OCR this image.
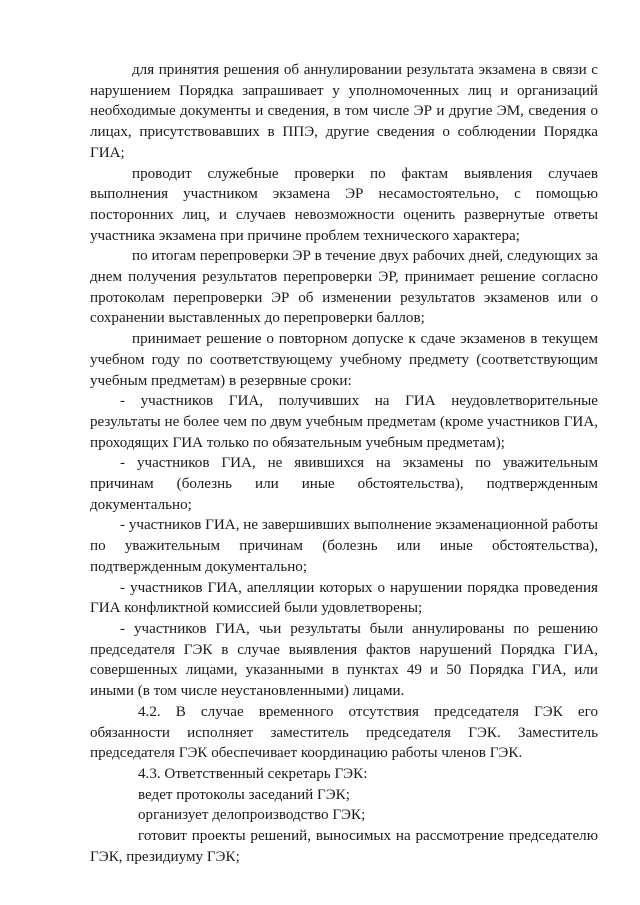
для принятия решения об аннулировании результата экзамена в связи с нарушением Порядка запрашивает у уполномоченных лиц и организаций необходимые документы и сведения, в том числе ЭР и другие ЭМ, сведения о лицах, присутствовавших в ППЭ, другие сведения о соблюдении Порядка ГИА;

проводит служебные проверки по фактам выявления случаев выполнения участником экзамена ЭР несамостоятельно, с помощью посторонних лиц, и случаев невозможности оценить развернутые ответы участника экзамена при причине проблем технического характера;

по итогам перепроверки ЭР в течение двух рабочих дней, следующих за днем получения результатов перепроверки ЭР, принимает решение согласно протоколам перепроверки ЭР об изменении результатов экзаменов или о сохранении выставленных до перепроверки баллов;

принимает решение о повторном допуске к сдаче экзаменов в текущем учебном году по соответствующему учебному предмету (соответствующим учебным предметам) в резервные сроки:

- участников ГИА, получивших на ГИА неудовлетворительные результаты не более чем по двум учебным предметам (кроме участников ГИА, проходящих ГИА только по обязательным учебным предметам);

- участников ГИА, не явившихся на экзамены по уважительным причинам (болезнь или иные обстоятельства), подтвержденным документально;

- участников ГИА, не завершивших выполнение экзаменационной работы по уважительным причинам (болезнь или иные обстоятельства), подтвержденным документально;

- участников ГИА, апелляции которых о нарушении порядка проведения ГИА конфликтной комиссией были удовлетворены;

- участников ГИА, чьи результаты были аннулированы по решению председателя ГЭК в случае выявления фактов нарушений Порядка ГИА, совершенных лицами, указанными в пунктах 49 и 50 Порядка ГИА, или иными (в том числе неустановленными) лицами.

4.2. В случае временного отсутствия председателя ГЭК его обязанности исполняет заместитель председателя ГЭК. Заместитель председателя ГЭК обеспечивает координацию работы членов ГЭК.

4.3. Ответственный секретарь ГЭК:

ведет протоколы заседаний ГЭК;

организует делопроизводство ГЭК;

готовит проекты решений, выносимых на рассмотрение председателю ГЭК, президиуму ГЭК;
